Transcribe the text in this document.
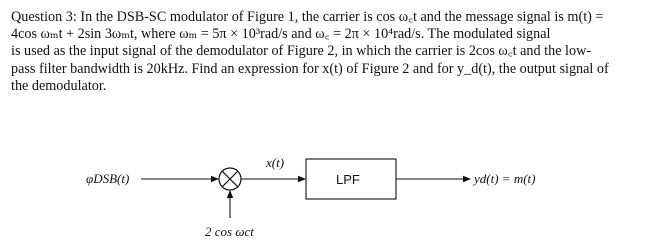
Question 3: In the DSB-SC modulator of Figure 1, the carrier is cos ω꜀t and the message signal is m(t) =
4cos ωₘt + 2sin 3ωₘt, where ωₘ = 5π × 10³rad/s and ω꜀ = 2π × 10⁴rad/s. The modulated signal
is used as the input signal of the demodulator of Figure 2, in which the carrier is 2cos ω꜀t and the low-
pass filter bandwidth is 20kHz. Find an expression for x(t) of Figure 2 and for y_d(t), the output signal of
the demodulator.
φDSB(t)
x(t)
LPF	yd(t) = m(t)
2 cos ωct
